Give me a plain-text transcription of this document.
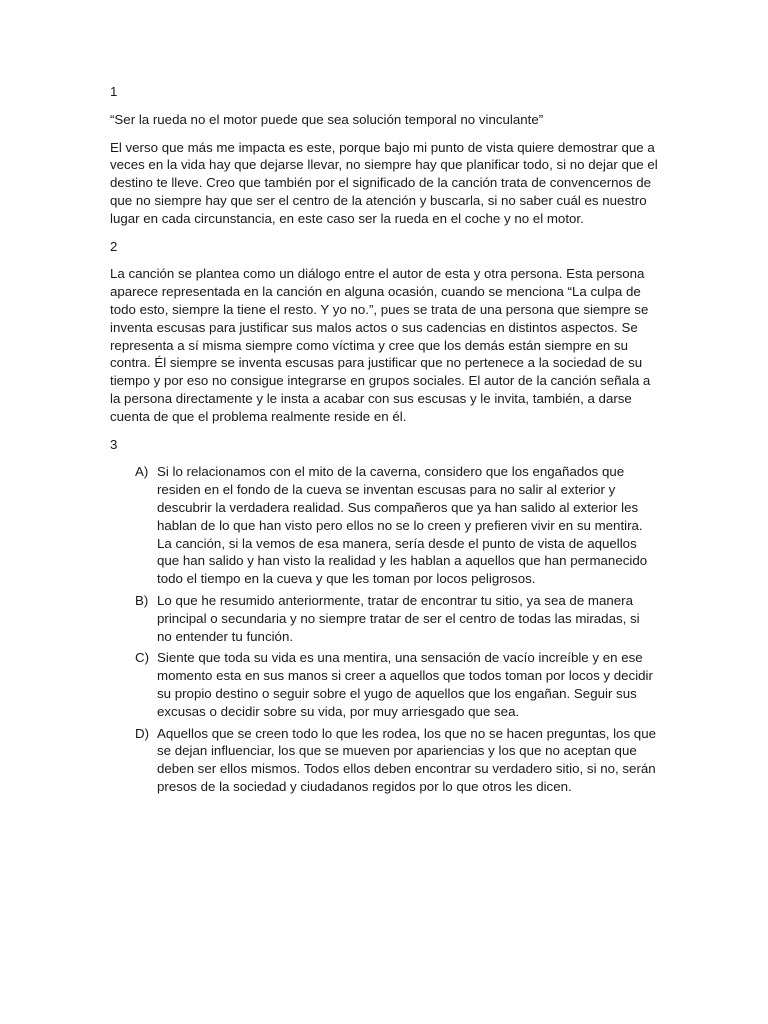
1

“Ser la rueda no el motor puede que sea solución temporal no vinculante”

El verso que más me impacta es este, porque bajo mi punto de vista quiere demostrar que a veces en la vida hay que dejarse llevar, no siempre hay que planificar todo, si no dejar que el destino te lleve. Creo que también por el significado de la canción trata de convencernos de que no siempre hay que ser el centro de la atención y buscarla, si no saber cuál es nuestro lugar en cada circunstancia, en este caso ser la rueda en el coche y no el motor.

2

La canción se plantea como un diálogo entre el autor de esta y otra persona. Esta persona aparece representada en la canción en alguna ocasión, cuando se menciona “La culpa de todo esto, siempre la tiene el resto. Y yo no.”, pues se trata de una persona que siempre se inventa escusas para justificar sus malos actos o sus cadencias en distintos aspectos. Se representa a sí misma siempre como víctima y cree que los demás están siempre en su contra. Él siempre se inventa escusas para justificar que no pertenece a la sociedad de su tiempo y por eso no consigue integrarse en grupos sociales. El autor de la canción señala a la persona directamente y le insta a acabar con sus escusas y le invita, también, a darse cuenta de que el problema realmente reside en él.

3

A) Si lo relacionamos con el mito de la caverna, considero que los engañados que residen en el fondo de la cueva se inventan escusas para no salir al exterior y descubrir la verdadera realidad. Sus compañeros que ya han salido al exterior les hablan de lo que han visto pero ellos no se lo creen y prefieren vivir en su mentira. La canción, si la vemos de esa manera, sería desde el punto de vista de aquellos que han salido y han visto la realidad y les hablan a aquellos que han permanecido todo el tiempo en la cueva y que les toman por locos peligrosos.
B) Lo que he resumido anteriormente, tratar de encontrar tu sitio, ya sea de manera principal o secundaria y no siempre tratar de ser el centro de todas las miradas, si no entender tu función.
C) Siente que toda su vida es una mentira, una sensación de vacío increíble y en ese momento esta en sus manos si creer a aquellos que todos toman por locos y decidir su propio destino o seguir sobre el yugo de aquellos que los engañan. Seguir sus excusas o decidir sobre su vida, por muy arriesgado que sea.
D) Aquellos que se creen todo lo que les rodea, los que no se hacen preguntas, los que se dejan influenciar, los que se mueven por apariencias y los que no aceptan que deben ser ellos mismos. Todos ellos deben encontrar su verdadero sitio, si no, serán presos de la sociedad y ciudadanos regidos por lo que otros les dicen.
